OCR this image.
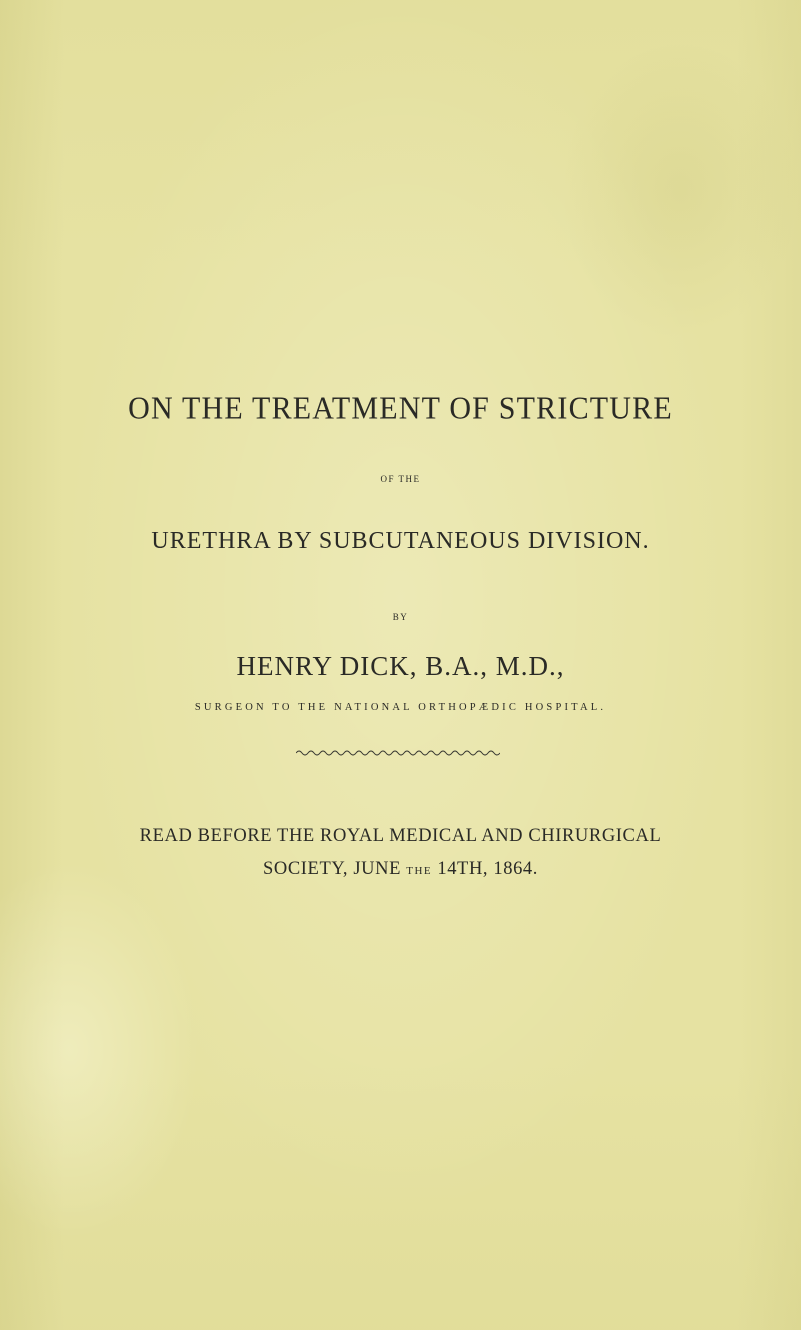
ON THE TREATMENT OF STRICTURE
OF THE
URETHRA BY SUBCUTANEOUS DIVISION.
BY
HENRY DICK, B.A., M.D.,
SURGEON TO THE NATIONAL ORTHOPÆDIC HOSPITAL.
READ BEFORE THE ROYAL MEDICAL AND CHIRURGICAL
SOCIETY, JUNE THE 14TH, 1864.
